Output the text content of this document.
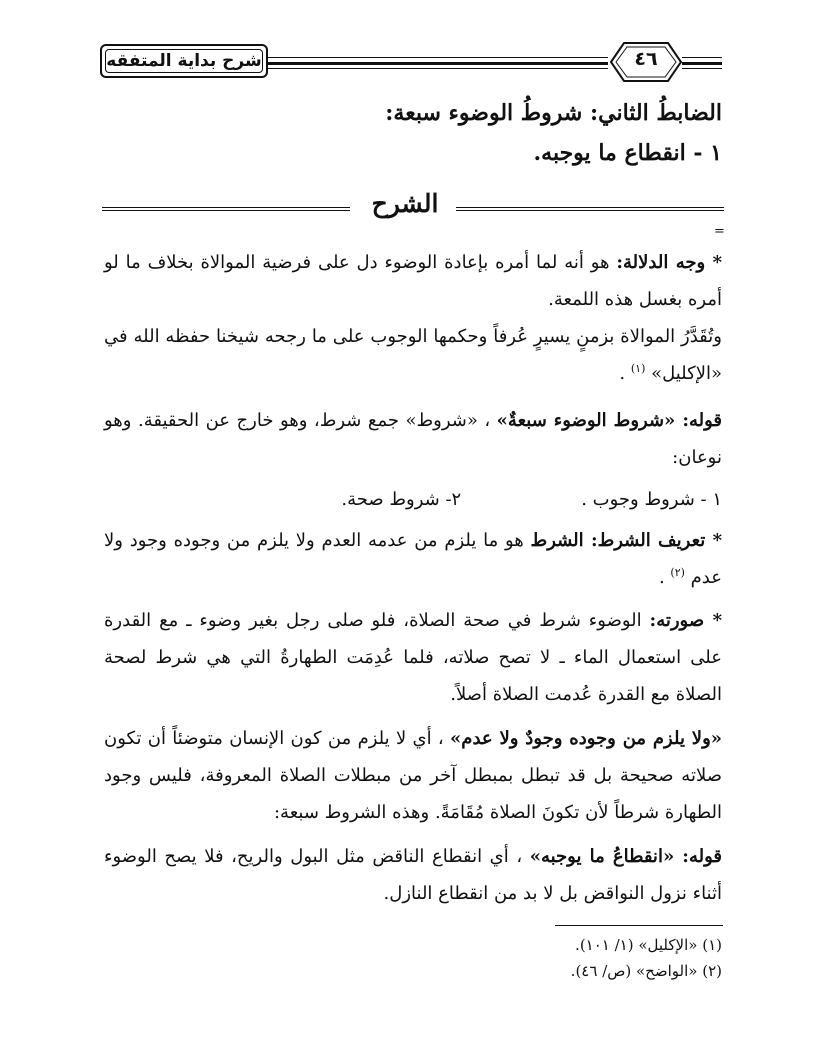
شرح بداية المتفقه	٤٦
الضابطُ الثاني: شروطُ الوضوء سبعة:
١ - انقطاع ما يوجبه.
الشرح
=
* وجه الدلالة: هو أنه لما أمره بإعادة الوضوء دل على فرضية الموالاة بخلاف ما لو أمره بغسل هذه اللمعة.
وتُقَدَّرُ الموالاة بزمنٍ يسيرٍ عُرفاً وحكمها الوجوب على ما رجحه شيخنا حفظه الله في «الإكليل» $^{(١)}$ .
قوله: «شروط الوضوء سبعةٌ» ، «شروط» جمع شرط، وهو خارج عن الحقيقة. وهو نوعان:
١ - شروط وجوب .٢- شروط صحة.
* تعريف الشرط: الشرط هو ما يلزم من عدمه العدم ولا يلزم من وجوده وجود ولا عدم $^{(٢)}$ .
* صورته: الوضوء شرط في صحة الصلاة، فلو صلى رجل بغير وضوء ـ مع القدرة على استعمال الماء ـ لا تصح صلاته، فلما عُدِمَت الطهارةُ التي هي شرط لصحة الصلاة مع القدرة عُدمت الصلاة أصلاً.
«ولا يلزم من وجوده وجودٌ ولا عدم» ، أي لا يلزم من كون الإنسان متوضئاً أن تكون صلاته صحيحة بل قد تبطل بمبطل آخر من مبطلات الصلاة المعروفة، فليس وجود الطهارة شرطاً لأن تكونَ الصلاة مُقَامَةً. وهذه الشروط سبعة:
قوله: «انقطاعُ ما يوجبه» ، أي انقطاع الناقض مثل البول والريح، فلا يصح الوضوء أثناء نزول النواقض بل لا بد من انقطاع النازل.
(١) «الإكليل» (١/ ١٠١).
(٢) «الواضح» (ص/ ٤٦).
